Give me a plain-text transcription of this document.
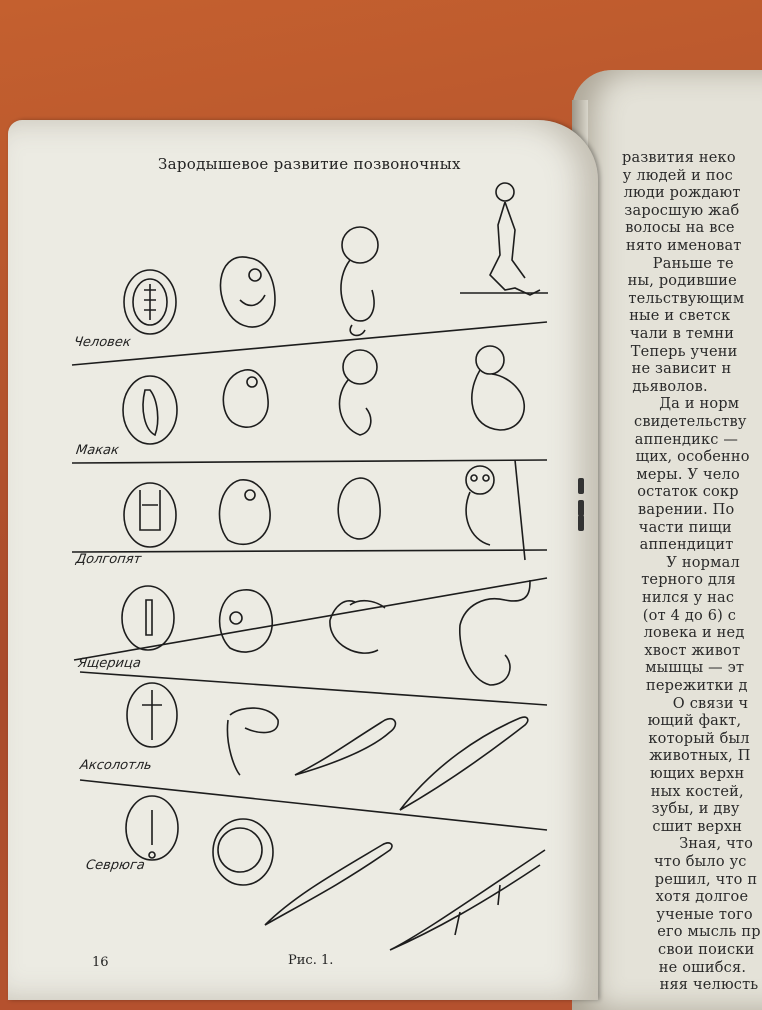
Зародышевое развитие позвоночных
Человек
Макак
Долгопят
Ящерица
Аксолотль
Севрюга
16	Рис. 1.
развития неко
у людей и пос
люди рождают
заросшую жаб
волосы на все
нято именоват
Раньше те
ны, родившие
тельствующим
ные и светск
чали в темни
Теперь учени
не зависит н
дьяволов.
Да и норм
свидетельству
аппендикс —
щих, особенно
меры. У чело
остаток сокр
варении. По
части пищи
аппендицит
У нормал
терного для
нился у нас
(от 4 до 6) с
ловека и нед
хвост живот
мышцы — эт
пережитки д
О связи ч
ющий факт,
который был
животных, П
ющих верхн
ных костей,
зубы, и дву
сшит верхн
Зная, что
что было ус
решил, что п
хотя долгое
ученые того
его мысль пр
свои поиски
не ошибся.
няя челюсть
